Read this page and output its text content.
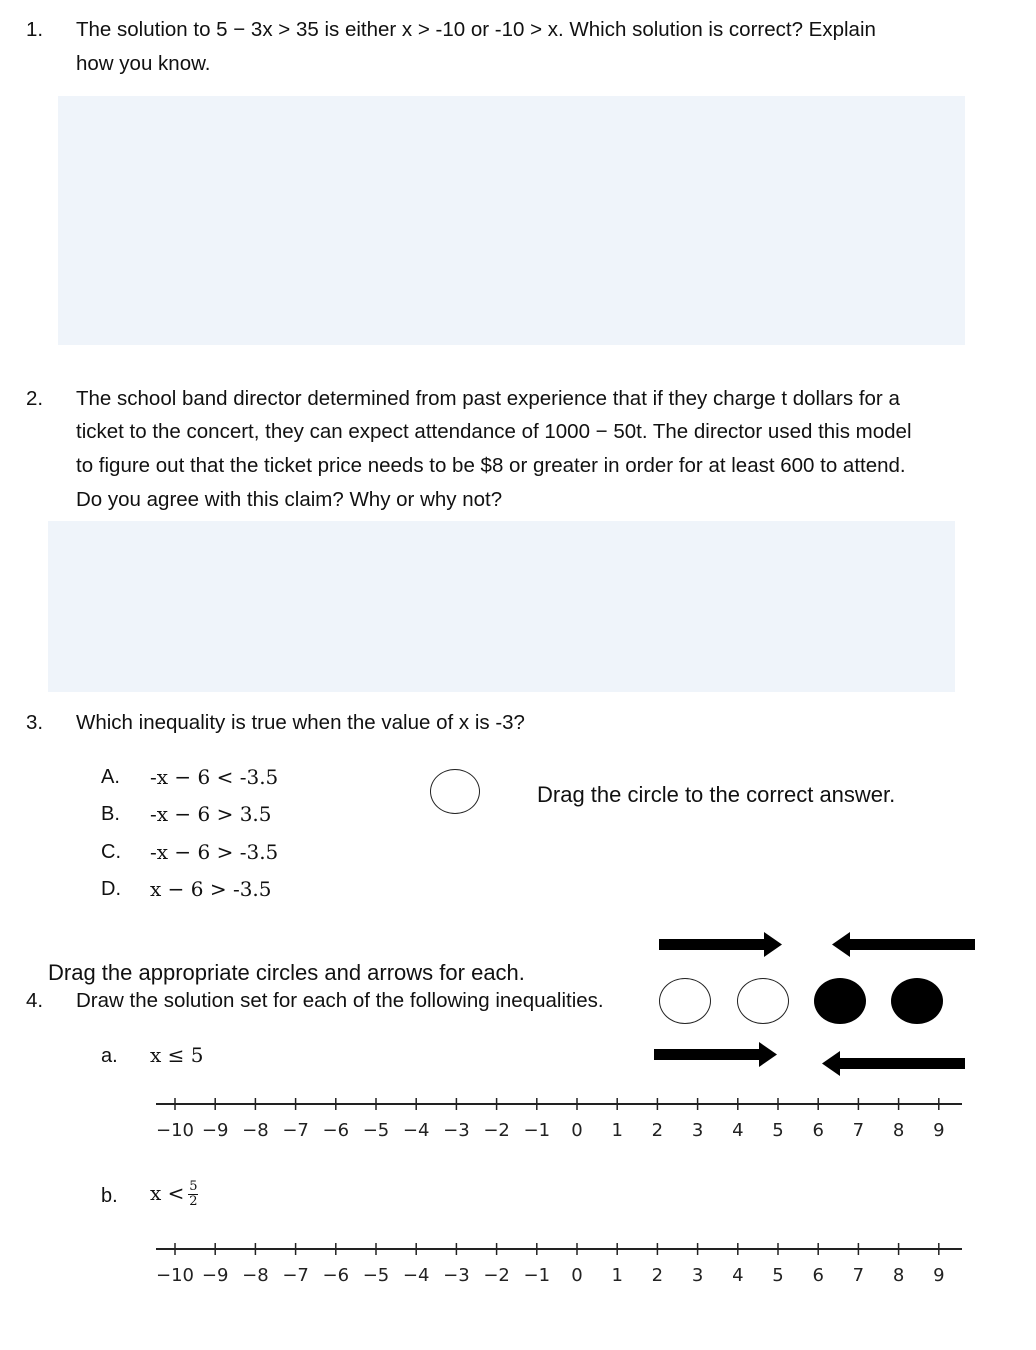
1. The solution to 5 − 3x > 35 is either x > -10 or -10 > x. Which solution is correct? Explain
how you know.
2. The school band director determined from past experience that if they charge t dollars for a
ticket to the concert, they can expect attendance of 1000 − 50t. The director used this model
to figure out that the ticket price needs to be $8 or greater in order for at least 600 to attend.
Do you agree with this claim? Why or why not?
3. Which inequality is true when the value of x is -3?
A. -x − 6 < -3.5
B. -x − 6 > 3.5
C. -x − 6 > -3.5
D. x − 6 > -3.5
Drag the circle to the correct answer.
Drag the appropriate circles and arrows for each.
4. Draw the solution set for each of the following inequalities.
a. x ≤ 5
−10 −9 −8 −7 −6 −5 −4 −3 −2 −1 0 1 2 3 4 5 6 7 8 9
b. $x < \frac{5}{2}$
−10 −9 −8 −7 −6 −5 −4 −3 −2 −1 0 1 2 3 4 5 6 7 8 9
